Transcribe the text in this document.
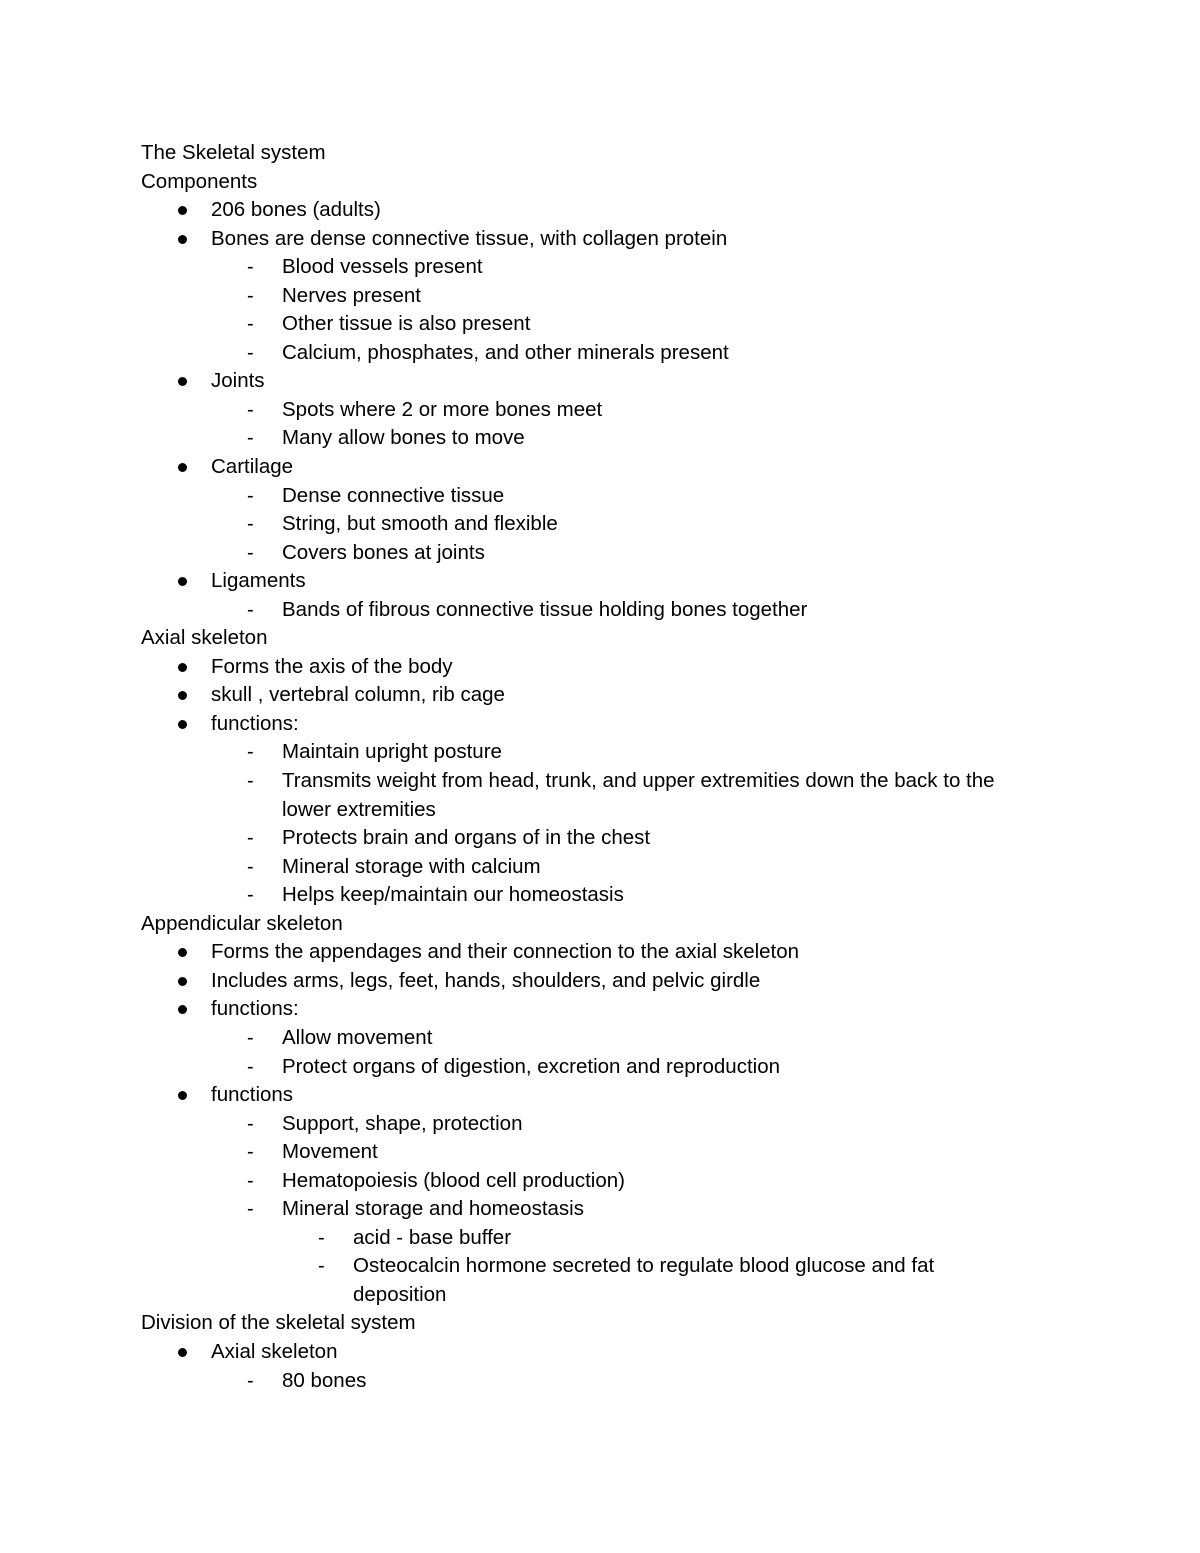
The Skeletal system
Components
206 bones (adults)
Bones are dense connective tissue, with collagen protein
- Blood vessels present
- Nerves present
- Other tissue is also present
- Calcium, phosphates, and other minerals present
Joints
- Spots where 2 or more bones meet
- Many allow bones to move
Cartilage
- Dense connective tissue
- String, but smooth and flexible
- Covers bones at joints
Ligaments
- Bands of fibrous connective tissue holding bones together
Axial skeleton
Forms the axis of the body
skull , vertebral column, rib cage
functions:
- Maintain upright posture
- Transmits weight from head, trunk, and upper extremities down the back to the lower extremities
- Protects brain and organs of in the chest
- Mineral storage with calcium
- Helps keep/maintain our homeostasis
Appendicular skeleton
Forms the appendages and their connection to the axial skeleton
Includes arms, legs, feet, hands, shoulders, and pelvic girdle
functions:
- Allow movement
- Protect organs of digestion, excretion and reproduction
functions
- Support, shape, protection
- Movement
- Hematopoiesis (blood cell production)
- Mineral storage and homeostasis
- acid - base buffer
- Osteocalcin hormone secreted to regulate blood glucose and fat deposition
Division of the skeletal system
Axial skeleton
- 80 bones
